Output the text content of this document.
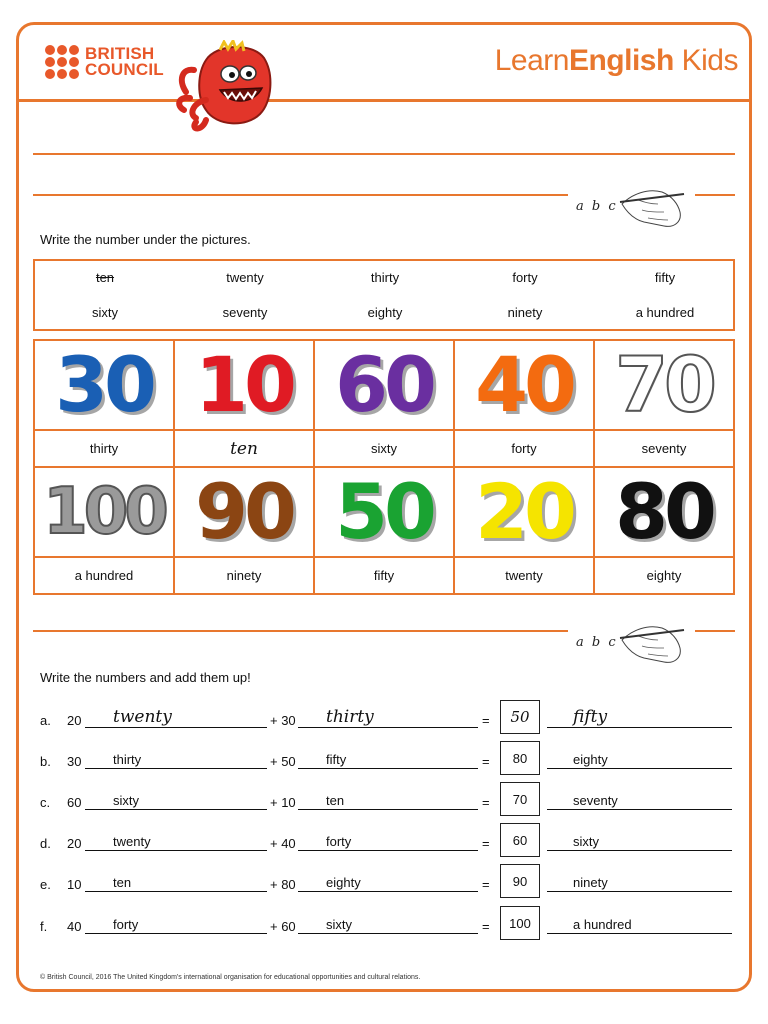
BRITISH
COUNCIL	LearnEnglish Kids
a b c
Write the number under the pictures.
ten	twenty	thirty	forty	fifty
sixty	seventy	eighty	ninety	a hundred
30	10	60	40	70

thirty	ten	sixty	forty	seventy

100	90	50	20	80

a hundred	ninety	fifty	twenty	eighty
a b c
Write the numbers and add them up!
a. 20 twenty	+ 30 thirty	= 50	fifty
b. 30 thirty	+ 50 fifty	= 80	eighty
c. 60 sixty	+ 10 ten	= 70	seventy
d. 20 twenty	+ 40 forty	= 60	sixty
e. 10 ten	+ 80 eighty	= 90	ninety
f. 40 forty	+ 60 sixty	= 100	a hundred
© British Council, 2016 The United Kingdom's international organisation for educational opportunities and cultural relations.
